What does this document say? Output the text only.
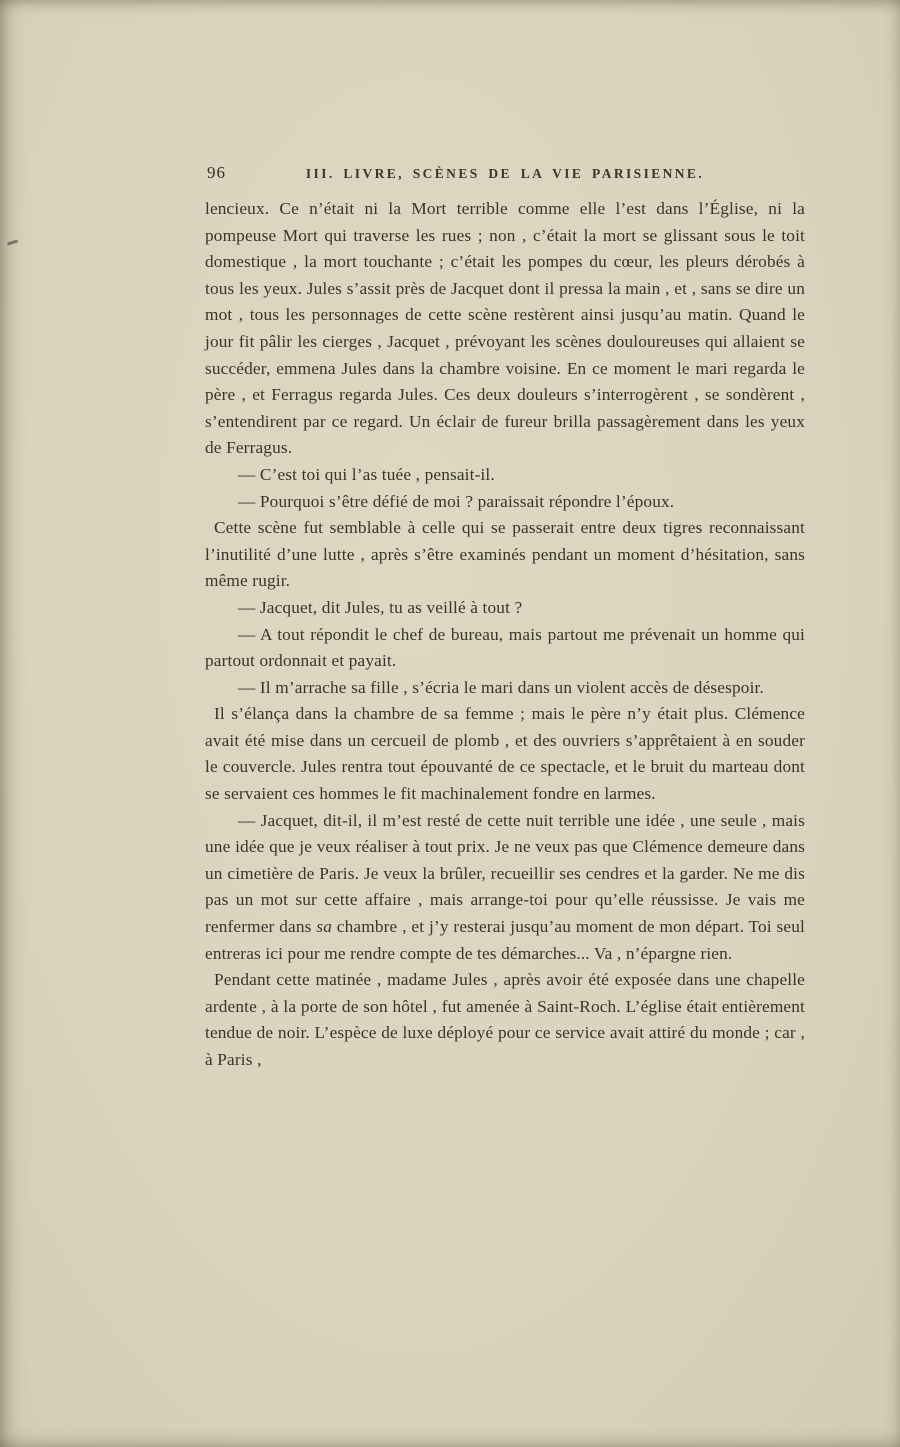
96	III. LIVRE, SCÈNES DE LA VIE PARISIENNE.

lencieux. Ce n’était ni la Mort terrible comme elle l’est dans l’Église, ni la pompeuse Mort qui traverse les rues ; non , c’était la mort se glissant sous le toit domestique , la mort touchante ; c’était les pompes du cœur, les pleurs dérobés à tous les yeux. Jules s’assit près de Jacquet dont il pressa la main , et , sans se dire un mot , tous les personnages de cette scène restèrent ainsi jusqu’au matin. Quand le jour fit pâlir les cierges , Jacquet , prévoyant les scènes douloureuses qui allaient se succéder, emmena Jules dans la chambre voisine. En ce moment le mari regarda le père , et Ferragus regarda Jules. Ces deux douleurs s’interrogèrent , se sondèrent , s’entendirent par ce regard. Un éclair de fureur brilla passagèrement dans les yeux de Ferragus.

— C’est toi qui l’as tuée , pensait-il.

— Pourquoi s’être défié de moi ? paraissait répondre l’époux.

Cette scène fut semblable à celle qui se passerait entre deux tigres reconnaissant l’inutilité d’une lutte , après s’être examinés pendant un moment d’hésitation, sans même rugir.

— Jacquet, dit Jules, tu as veillé à tout ?

— A tout répondit le chef de bureau, mais partout me prévenait un homme qui partout ordonnait et payait.

— Il m’arrache sa fille , s’écria le mari dans un violent accès de désespoir.

Il s’élança dans la chambre de sa femme ; mais le père n’y était plus. Clémence avait été mise dans un cercueil de plomb , et des ouvriers s’apprêtaient à en souder le couvercle. Jules rentra tout épouvanté de ce spectacle, et le bruit du marteau dont se servaient ces hommes le fit machinalement fondre en larmes.

— Jacquet, dit-il, il m’est resté de cette nuit terrible une idée , une seule , mais une idée que je veux réaliser à tout prix. Je ne veux pas que Clémence demeure dans un cimetière de Paris. Je veux la brûler, recueillir ses cendres et la garder. Ne me dis pas un mot sur cette affaire , mais arrange-toi pour qu’elle réussisse. Je vais me renfermer dans sa chambre , et j’y resterai jusqu’au moment de mon départ. Toi seul entreras ici pour me rendre compte de tes démarches... Va , n’épargne rien.

Pendant cette matinée , madame Jules , après avoir été exposée dans une chapelle ardente , à la porte de son hôtel , fut amenée à Saint-Roch. L’église était entièrement tendue de noir. L’espèce de luxe déployé pour ce service avait attiré du monde ; car , à Paris ,
